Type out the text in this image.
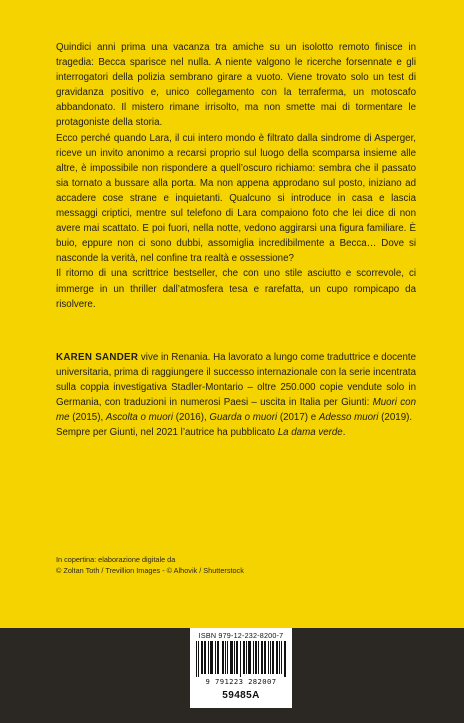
Quindici anni prima una vacanza tra amiche su un isolotto remoto finisce in tragedia: Becca sparisce nel nulla. A niente valgono le ricerche forsennate e gli interrogatori della polizia sembrano girare a vuoto. Viene trovato solo un test di gravidanza positivo e, unico collegamento con la terraferma, un motoscafo abbandonato. Il mistero rimane irrisolto, ma non smette mai di tormentare le protagoniste della storia.

Ecco perché quando Lara, il cui intero mondo è filtrato dalla sindrome di Asperger, riceve un invito anonimo a recarsi proprio sul luogo della scomparsa insieme alle altre, è impossibile non rispondere a quell’oscuro richiamo: sembra che il passato sia tornato a bussare alla porta. Ma non appena approdano sul posto, iniziano ad accadere cose strane e inquietanti. Qualcuno si introduce in casa e lascia messaggi criptici, mentre sul telefono di Lara compaiono foto che lei dice di non avere mai scattato. E poi fuori, nella notte, vedono aggirarsi una figura familiare. È buio, eppure non ci sono dubbi, assomiglia incredibilmente a Becca… Dove si nasconde la verità, nel confine tra realtà e ossessione?

Il ritorno di una scrittrice bestseller, che con uno stile asciutto e scorrevole, ci immerge in un thriller dall’atmosfera tesa e rarefatta, un cupo rompicapo da risolvere.

KAREN SANDER vive in Renania. Ha lavorato a lungo come traduttrice e docente universitaria, prima di raggiungere il successo internazionale con la serie incentrata sulla coppia investigativa Stadler-Montario – oltre 250.000 copie vendute solo in Germania, con traduzioni in numerosi Paesi – uscita in Italia per Giunti: Muori con me (2015), Ascolta o muori (2016), Guarda o muori (2017) e Adesso muori (2019).

Sempre per Giunti, nel 2021 l’autrice ha pubblicato La dama verde.

In copertina: elaborazione digitale da
© Zoltan Toth / Trevillion Images - © Alhovik / Shutterstock
ISBN 979-12-232-8200-7
9 791223 282007
59485A
